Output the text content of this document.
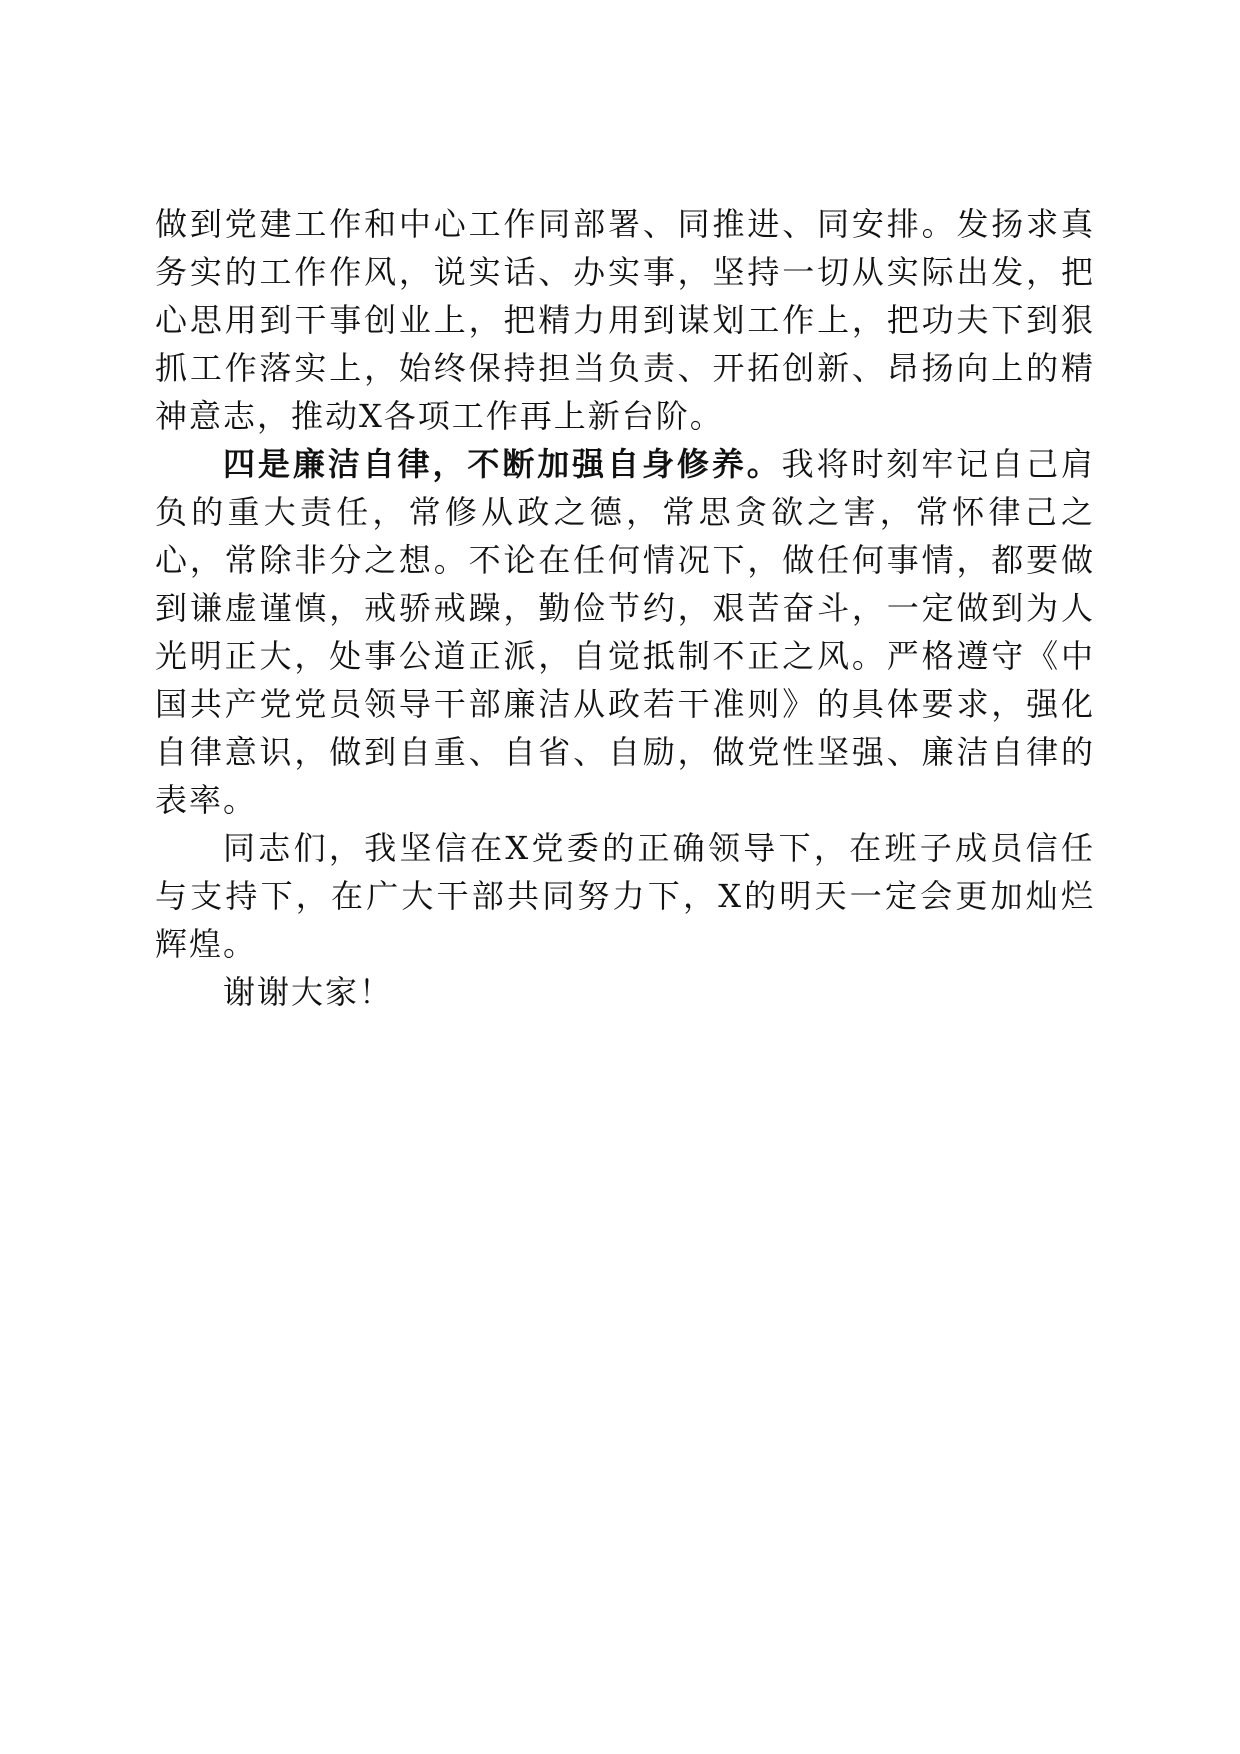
做到党建工作和中心工作同部署、同推进、同安排。发扬求真务实的工作作风，说实话、办实事，坚持一切从实际出发，把心思用到干事创业上，把精力用到谋划工作上，把功夫下到狠抓工作落实上，始终保持担当负责、开拓创新、昂扬向上的精神意志，推动X各项工作再上新台阶。

四是廉洁自律，不断加强自身修养。我将时刻牢记自己肩负的重大责任，常修从政之德，常思贪欲之害，常怀律己之心，常除非分之想。不论在任何情况下，做任何事情，都要做到谦虚谨慎，戒骄戒躁，勤俭节约，艰苦奋斗，一定做到为人光明正大，处事公道正派，自觉抵制不正之风。严格遵守《中国共产党党员领导干部廉洁从政若干准则》的具体要求，强化自律意识，做到自重、自省、自励，做党性坚强、廉洁自律的表率。

同志们，我坚信在X党委的正确领导下，在班子成员信任与支持下，在广大干部共同努力下，X的明天一定会更加灿烂辉煌。

谢谢大家！
